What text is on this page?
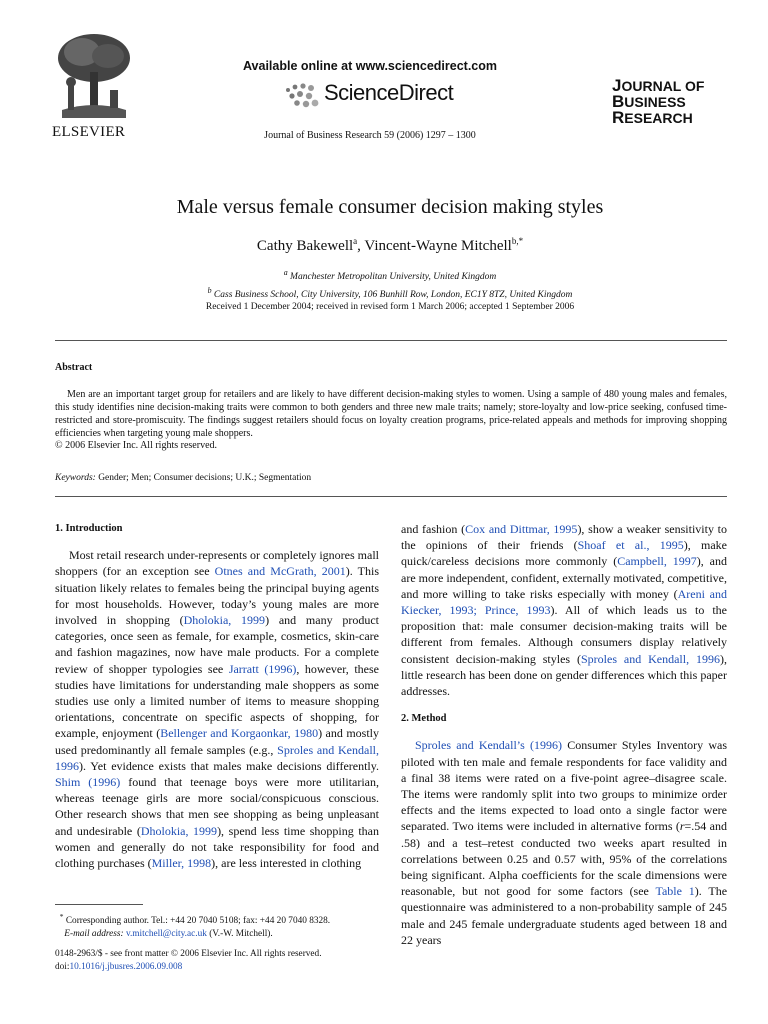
ELSEVIER
Available online at www.sciencedirect.com
ScienceDirect
Journal of Business Research 59 (2006) 1297 – 1300
JOURNAL OF
BUSINESS
RESEARCH
Male versus female consumer decision making styles
Cathy Bakewell$^a$, Vincent-Wayne Mitchell$^{b,*}$
$^a$ Manchester Metropolitan University, United Kingdom
$^b$ Cass Business School, City University, 106 Bunhill Row, London, EC1Y 8TZ, United Kingdom
Received 1 December 2004; received in revised form 1 March 2006; accepted 1 September 2006
Abstract
Men are an important target group for retailers and are likely to have different decision-making styles to women. Using a sample of 480 young males and females, this study identifies nine decision-making traits were common to both genders and three new male traits; namely; store-loyalty and low-price seeking, confused time-restricted and store-promiscuity. The findings suggest retailers should focus on loyalty creation programs, price-related appeals and methods for improving shopping efficiencies when targeting young male shoppers.
© 2006 Elsevier Inc. All rights reserved.
Keywords: Gender; Men; Consumer decisions; U.K.; Segmentation
1. Introduction

Most retail research under-represents or completely ignores mall shoppers (for an exception see Otnes and McGrath, 2001). This situation likely relates to females being the principal buying agents for most households. However, today’s young males are more involved in shopping (Dholokia, 1999) and many product categories, once seen as female, for example, cosmetics, skin-care and fashion magazines, now have male products. For a complete review of shopper typologies see Jarratt (1996), however, these studies have limitations for understanding male shoppers as some studies use only a limited number of items to measure shopping orientations, concentrate on specific aspects of shopping, for example, enjoyment (Bellenger and Korgaonkar, 1980) and mostly used predominantly all female samples (e.g., Sproles and Kendall, 1996). Yet evidence exists that males make decisions differently. Shim (1996) found that teenage boys were more utilitarian, whereas teenage girls are more social/conspicuous conscious. Other research shows that men see shopping as being unpleasant and undesirable (Dholokia, 1999), spend less time shopping than women and generally do not take responsibility for food and clothing purchases (Miller, 1998), are less interested in clothing

and fashion (Cox and Dittmar, 1995), show a weaker sensitivity to the opinions of their friends (Shoaf et al., 1995), make quick/careless decisions more commonly (Campbell, 1997), and are more independent, confident, externally motivated, competitive, and more willing to take risks especially with money (Areni and Kiecker, 1993; Prince, 1993). All of which leads us to the proposition that: male consumer decision-making traits will be different from females. Although consumers display relatively consistent decision-making styles (Sproles and Kendall, 1996), little research has been done on gender differences which this paper addresses.

2. Method

Sproles and Kendall’s (1996) Consumer Styles Inventory was piloted with ten male and female respondents for face validity and a final 38 items were rated on a five-point agree–disagree scale. The items were randomly split into two groups to minimize order effects and the items expected to load onto a single factor were separated. Two items were included in alternative forms (r=.54 and .58) and a test–retest conducted two weeks apart resulted in correlations between 0.25 and 0.57 with, 95% of the correlations being significant. Alpha coefficients for the scale dimensions were reasonable, but not good for some factors (see Table 1). The questionnaire was administered to a non-probability sample of 245 male and 245 female undergraduate students aged between 18 and 22 years

* Corresponding author. Tel.: +44 20 7040 5108; fax: +44 20 7040 8328.
E-mail address: v.mitchell@city.ac.uk (V.-W. Mitchell).
0148-2963/$ - see front matter © 2006 Elsevier Inc. All rights reserved.
doi:10.1016/j.jbusres.2006.09.008
